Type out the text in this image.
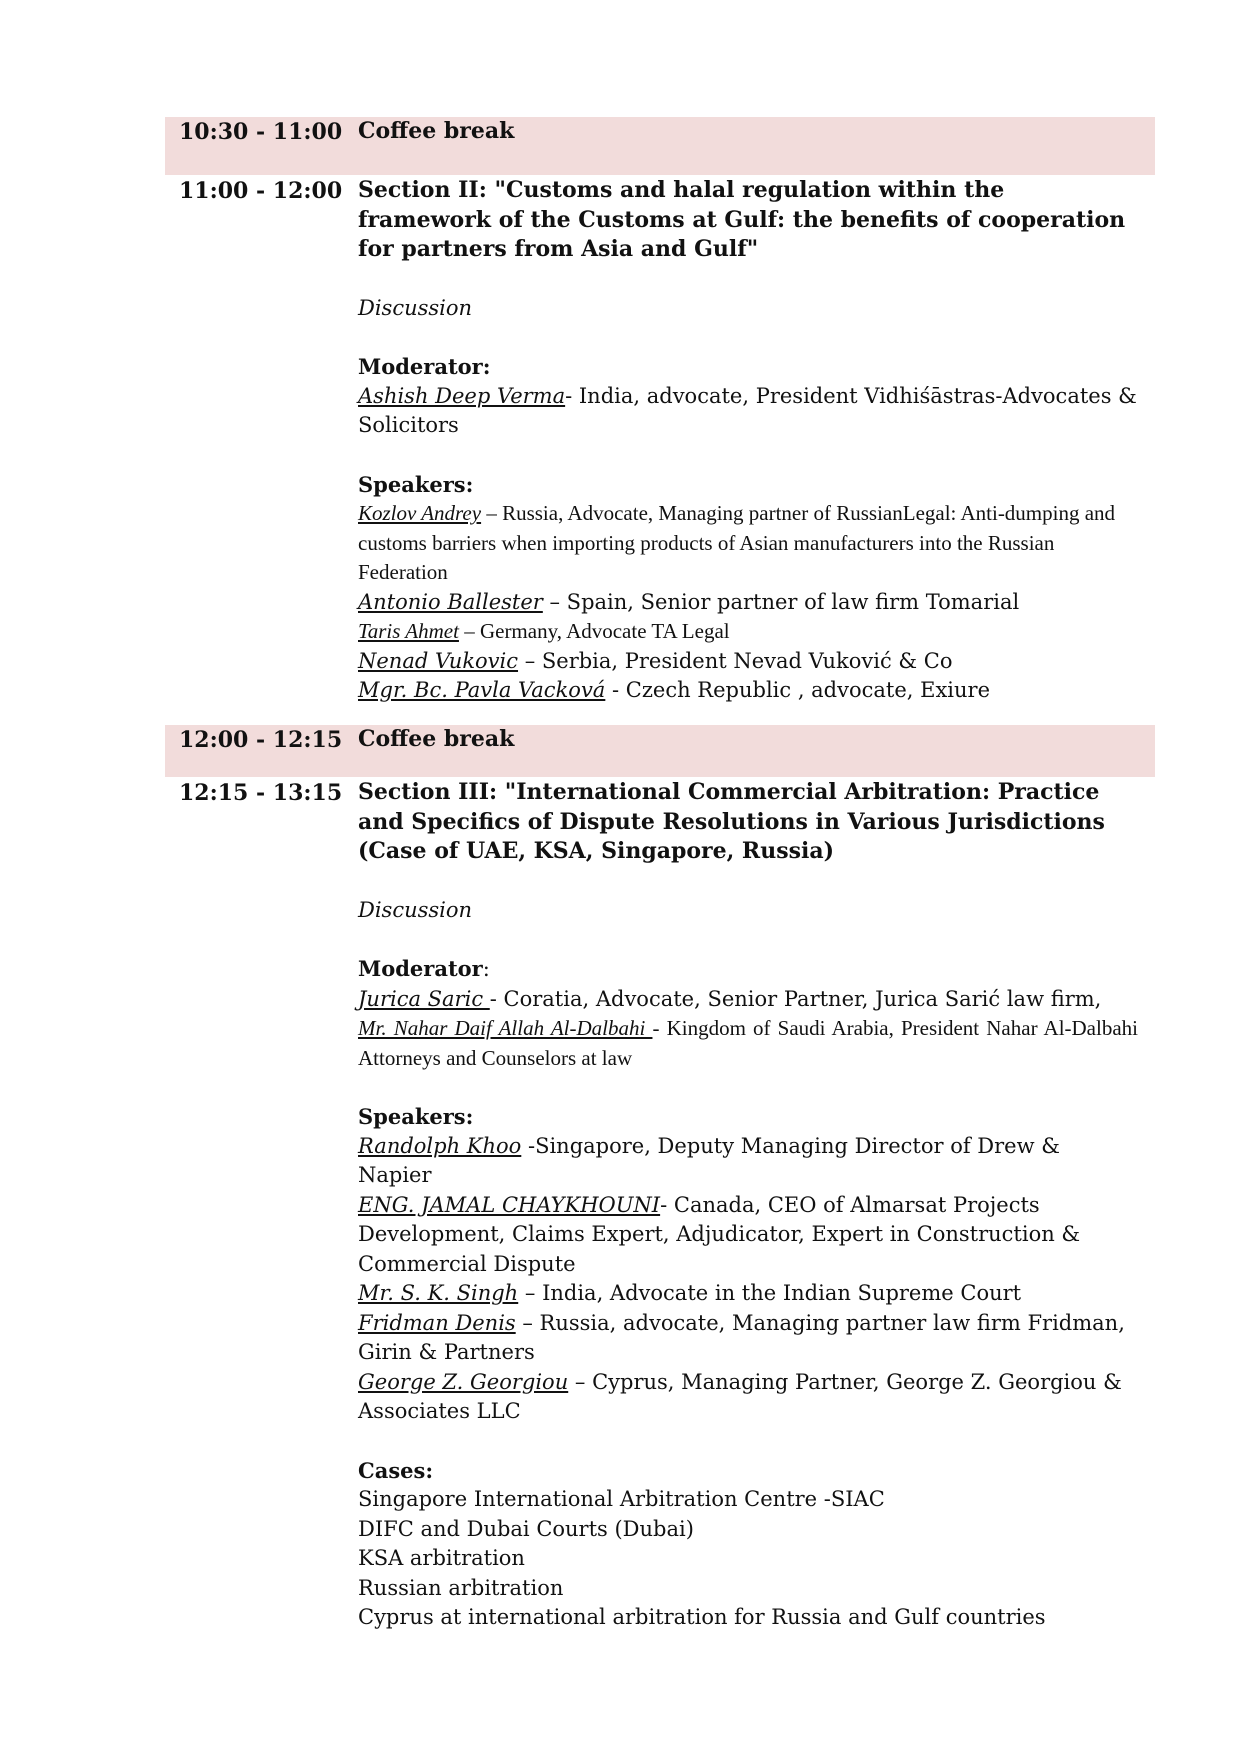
10:30 - 11:00 Coffee break
11:00 - 12:00 Section II: "Customs and halal regulation within the framework of the Customs at Gulf: the benefits of cooperation for partners from Asia and Gulf"

Discussion

Moderator:

Ashish Deep Verma- India, advocate, President Vidhiśāstras-Advocates & Solicitors

Speakers:

Kozlov Andrey – Russia, Advocate, Managing partner of RussianLegal: Anti-dumping and customs barriers when importing products of Asian manufacturers into the Russian Federation

Antonio Ballester – Spain, Senior partner of law firm Tomarial

Taris Ahmet – Germany, Advocate TA Legal

Nenad Vukovic – Serbia, President Nevad Vuković & Co

Mgr. Bc. Pavla Vacková - Czech Republic , advocate, Exiure

12:00 - 12:15 Coffee break
12:15 - 13:15 Section III: "International Commercial Arbitration: Practice and Specifics of Dispute Resolutions in Various Jurisdictions (Case of UAE, KSA, Singapore, Russia)

Discussion

Moderator:

Jurica Saric - Coratia, Advocate, Senior Partner, Jurica Sarić law firm,

Mr. Nahar Daif Allah Al-Dalbahi - Kingdom of Saudi Arabia, President Nahar Al-Dalbahi Attorneys and Counselors at law

Speakers:

Randolph Khoo -Singapore, Deputy Managing Director of Drew & Napier

ENG. JAMAL CHAYKHOUNI- Canada, CEO of Almarsat Projects Development, Claims Expert, Adjudicator, Expert in Construction & Commercial Dispute

Mr. S. K. Singh – India, Advocate in the Indian Supreme Court

Fridman Denis – Russia, advocate, Managing partner law firm Fridman, Girin & Partners

George Z. Georgiou – Cyprus, Managing Partner, George Z. Georgiou & Associates LLC

Cases:

Singapore International Arbitration Centre -SIAC

DIFC and Dubai Courts (Dubai)

KSA arbitration

Russian arbitration

Cyprus at international arbitration for Russia and Gulf countries
